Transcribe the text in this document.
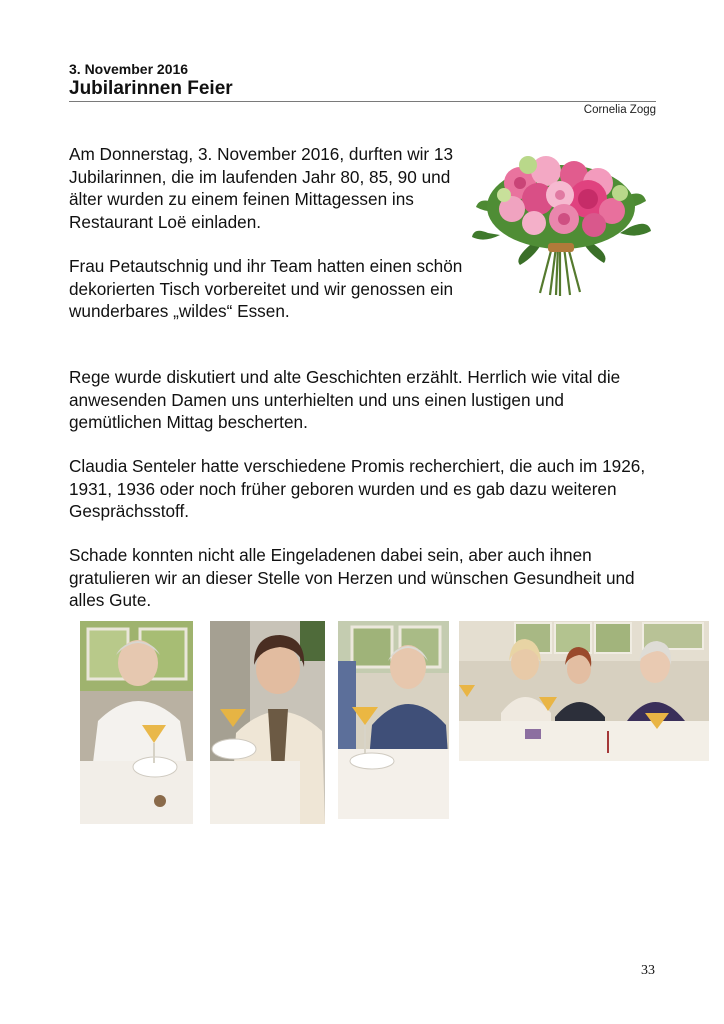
3. November 2016
Jubilarinnen Feier
Cornelia Zogg

Am Donnerstag, 3. November 2016, durften wir 13 Jubilarinnen, die im laufenden Jahr 80, 85, 90 und älter wurden zu einem feinen Mittagessen ins Restaurant Loë einladen.

Frau Petautschnig und ihr Team hatten einen schön dekorierten Tisch vorbereitet und wir genossen ein wunderbares „wildes“ Essen.

Rege wurde diskutiert und alte Geschichten erzählt. Herrlich wie vital die anwesenden Damen uns unterhielten und uns einen lustigen und gemütlichen Mittag bescherten.

Claudia Senteler hatte verschiedene Promis recherchiert, die auch im 1926, 1931, 1936 oder noch früher geboren wurden und es gab dazu weiteren Gesprächsstoff.

Schade konnten nicht alle Eingeladenen dabei sein, aber auch ihnen gratulieren wir an dieser Stelle von Herzen und wünschen Gesundheit und alles Gute.

33
